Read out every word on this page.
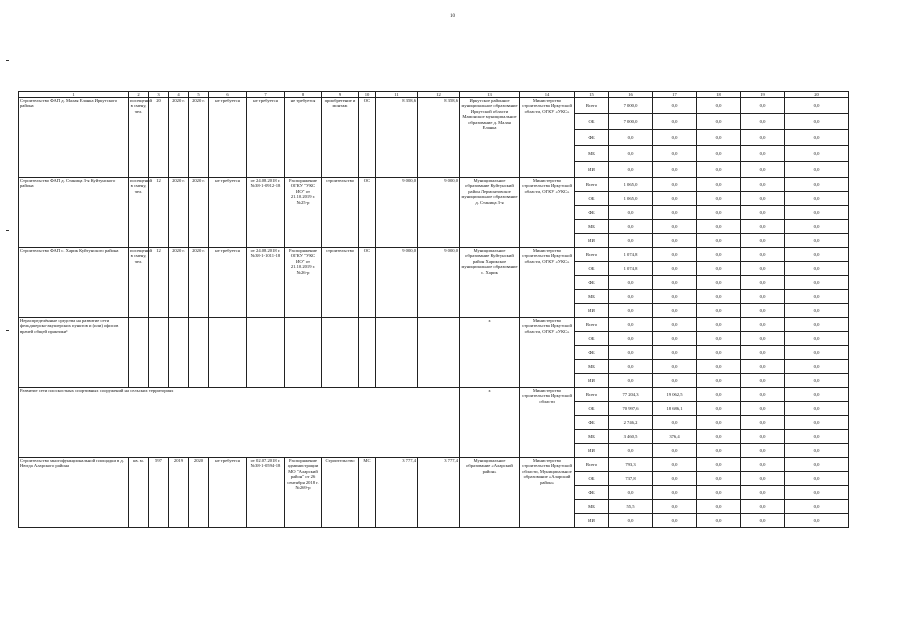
10
1	2	3	4	5	6	7	8	9	10	11	12	13	14	15	16	17	18	19	20
Строительство ФАП д. Малая Еланка Иркутского района	посещений в смену, чел.	20	2020 г.	2020 г.	не требуется	не требуется	не требуется	приобретение и монтаж	ОС	8 358,6	8 358,6	Иркутское районное муниципальное образование Иркутской области Мамонское муниципальное образование д. Малая Еланка	Министерство строительства Иркутской области, ОГКУ «УКС»	Всего	7 000,0	0,0	0,0	0,0	0,0
														ОБ	7 000,0	0,0	0,0	0,0	0,0
														ФБ	0,0	0,0	0,0	0,0	0,0
														МБ	0,0	0,0	0,0	0,0	0,0
														ИИ	0,0	0,0	0,0	0,0	0,0
Строительство ФАП д. Станица 3-я Куйтунского района	посещений в смену, чел.	12	2020 г.	2020 г.	не требуется	от 24.08.2018 г. №38-1-0912-18	Распоряжение ОГКУ "УКС ИО" от 21.10.2019 г. №25-р	строительство	ОС	9 000,0	9 000,0	Муниципальное образование Куйтунский район Лермонтовское муниципальное образование д. Станица 3-я	Министерство строительства Иркутской области, ОГКУ «УКС»	Всего	1 065,0	0,0	0,0	0,0	0,0
														ОБ	1 065,0	0,0	0,0	0,0	0,0
														ФБ	0,0	0,0	0,0	0,0	0,0
														МБ	0,0	0,0	0,0	0,0	0,0
														ИИ	0,0	0,0	0,0	0,0	0,0
Строительство ФАП с. Харик Куйтунского района	посещений в смену, чел.	12	2020 г.	2020 г.	не требуется	от 24.08.2018 г. №38-1-1011-18	Распоряжение ОГКУ "УКС ИО" от 21.10.2019 г. №26-р	строительство	ОС	9 000,0	9 000,0	Муниципальное образование Куйтунский район Харикское муниципальное образование с. Харик	Министерство строительства Иркутской области, ОГКУ «УКС»	Всего	1 074,8	0,0	0,0	0,0	0,0
														ОБ	1 074,8	0,0	0,0	0,0	0,0
														ФБ	0,0	0,0	0,0	0,0	0,0
														МБ	0,0	0,0	0,0	0,0	0,0
														ИИ	0,0	0,0	0,0	0,0	0,0
Нераспределённые средства на развитие сети фельдшерско-акушерских пунктов и (или) офисов врачей общей практики¹												х	Министерство строительства Иркутской области, ОГКУ «УКС»	Всего	0,0	0,0	0,0	0,0	0,0
														ОБ	0,0	0,0	0,0	0,0	0,0
														ФБ	0,0	0,0	0,0	0,0	0,0
														МБ	0,0	0,0	0,0	0,0	0,0
														ИИ	0,0	0,0	0,0	0,0	0,0
Развитие сети плоскостных спортивных сооружений на сельских территориях												х	Министерство строительства Иркутской области	Всего	77 204,3	19 062,5	0,0	0,0	0,0
														ОБ	70 997,6	18 686,1	0,0	0,0	0,0
														ФБ	2 746,2	0,0	0,0	0,0	0,0
														МБ	3 460,5	376,4	0,0	0,0	0,0
														ИИ	0,0	0,0	0,0	0,0	0,0
Строительство многофункциональной площадки в д. Нюгда Аларского района	кв. м.	597	2019	2020	не требуется	от 02.07.2018 г. №38-1-0594-18	Распоряжение администрации МО "Аларский район" от 26 сентября 2018 г. №269-р	Строительство	МС	3 777,4	3 777,4	Муниципальное образование «Аларский район»	Министерство строительства Иркутской области, Муниципальное образование «Аларский район»	Всего	793,3	0,0	0,0	0,0	0,0
														ОБ	737,8	0,0	0,0	0,0	0,0
														ФБ	0,0	0,0	0,0	0,0	0,0
														МБ	55,5	0,0	0,0	0,0	0,0
														ИИ	0,0	0,0	0,0	0,0	0,0
